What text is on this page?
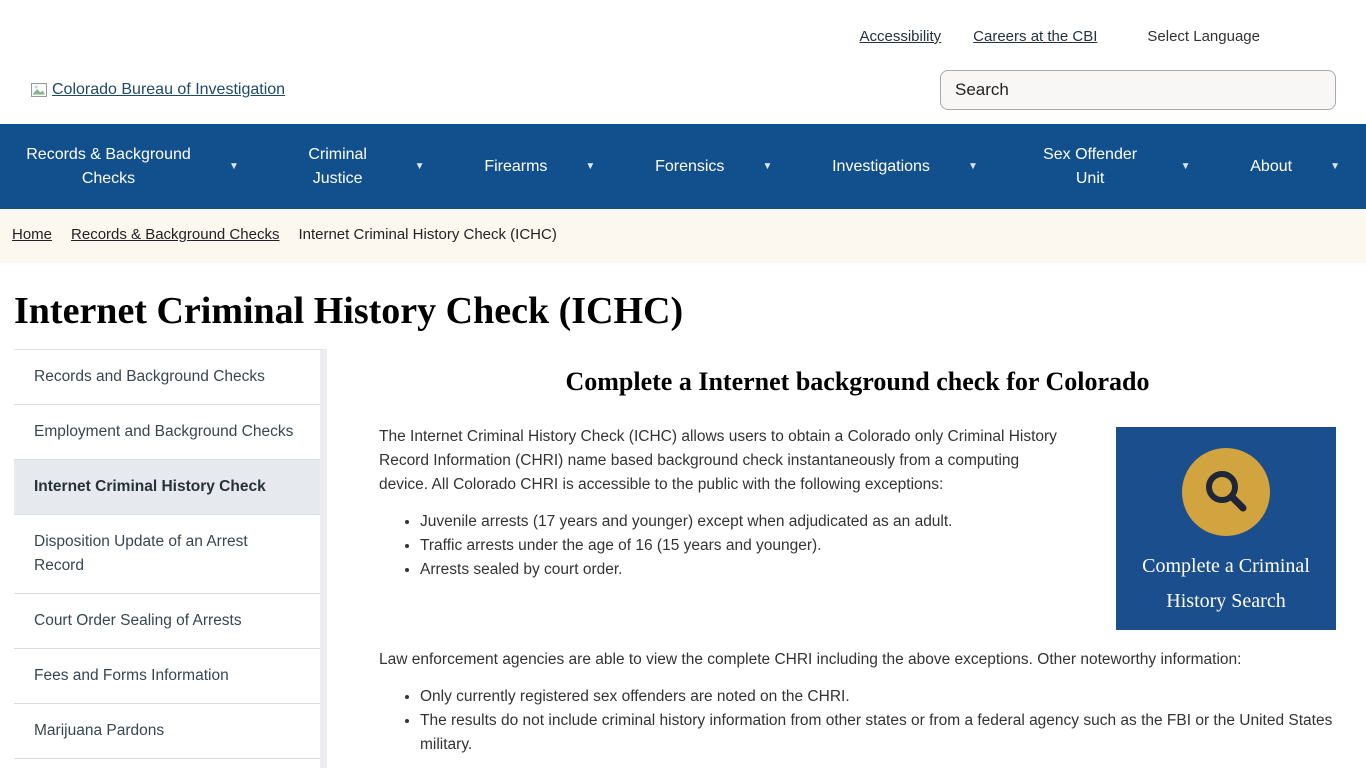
Accessibility Careers at the CBI	Select Language
Colorado Bureau of Investigation
Search
Records & Background Checks
▼
Criminal Justice
▼	Firearms	▼	Forensics	▼	Investigations	▼
Sex Offender Unit
▼	About	▼
Home Records & Background Checks Internet Criminal History Check (ICHC)
Internet Criminal History Check (ICHC)
Records and Background Checks
Employment and Background Checks
Internet Criminal History Check
Disposition Update of an Arrest Record
Court Order Sealing of Arrests
Fees and Forms Information
Marijuana Pardons
Complete a Internet background check for Colorado
Complete a Criminal
History Search

The Internet Criminal History Check (ICHC) allows users to obtain a Colorado only Criminal History Record Information (CHRI) name based background check instantaneously from a computing device. All Colorado CHRI is accessible to the public with the following exceptions:

• Juvenile arrests (17 years and younger) except when adjudicated as an adult.
• Traffic arrests under the age of 16 (15 years and younger).
• Arrests sealed by court order.

Law enforcement agencies are able to view the complete CHRI including the above exceptions. Other noteworthy information:

• Only currently registered sex offenders are noted on the CHRI.
• The results do not include criminal history information from other states or from a federal agency such as the FBI or the United States military.
